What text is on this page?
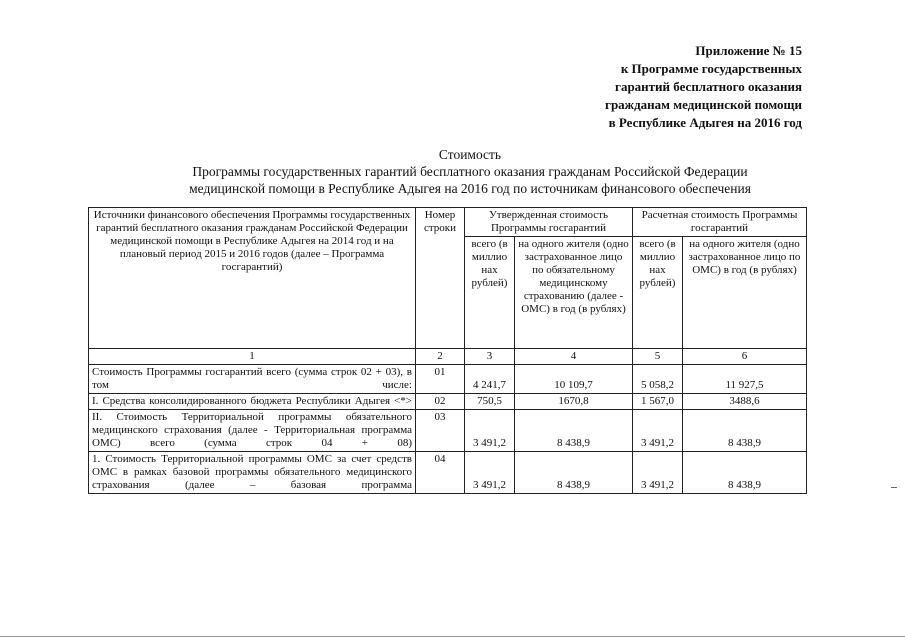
Приложение № 15
к Программе государственных
гарантий бесплатного оказания
гражданам медицинской помощи
в Республике Адыгея на 2016 год
Стоимость
Программы государственных гарантий бесплатного оказания гражданам Российской Федерации
медицинской помощи в Республике Адыгея на 2016 год по источникам финансового обеспечения
Источники финансового обеспечения Программы государственных гарантий бесплатного оказания гражданам Российской Федерации медицинской помощи в Республике Адыгея на 2014 год и на плановый период 2015 и 2016 годов (далее – Программа госгарантий)	Номер строки	Утвержденная стоимость Программы госгарантий		Расчетная стоимость Программы госгарантий	
		всего (в миллио нах рублей)	на одного жителя (одно застрахованное лицо по обязательному медицинскому страхованию (далее - ОМС) в год (в рублях)	всего (в миллио нах рублей)	на одного жителя (одно застрахованное лицо по ОМС) в год (в рублях)
1	2	3	4	5	6
Стоимость Программы госгарантий всего (сумма строк 02 + 03), в том числе:	01	4 241,7	10 109,7	5 058,2	11 927,5
I. Средства консолидированного бюджета Республики Адыгея <*>	02	750,5	1670,8	1 567,0	3488,6
II. Стоимость Территориальной программы обязательного медицинского страхования (далее - Территориальная программа ОМС) всего (сумма строк 04 + 08)	03	3 491,2	8 438,9	3 491,2	8 438,9
1. Стоимость Территориальной программы ОМС за счет средств ОМС в рамках базовой программы обязательного медицинского страхования (далее – базовая программа	04	3 491,2	8 438,9	3 491,2	8 438,9
